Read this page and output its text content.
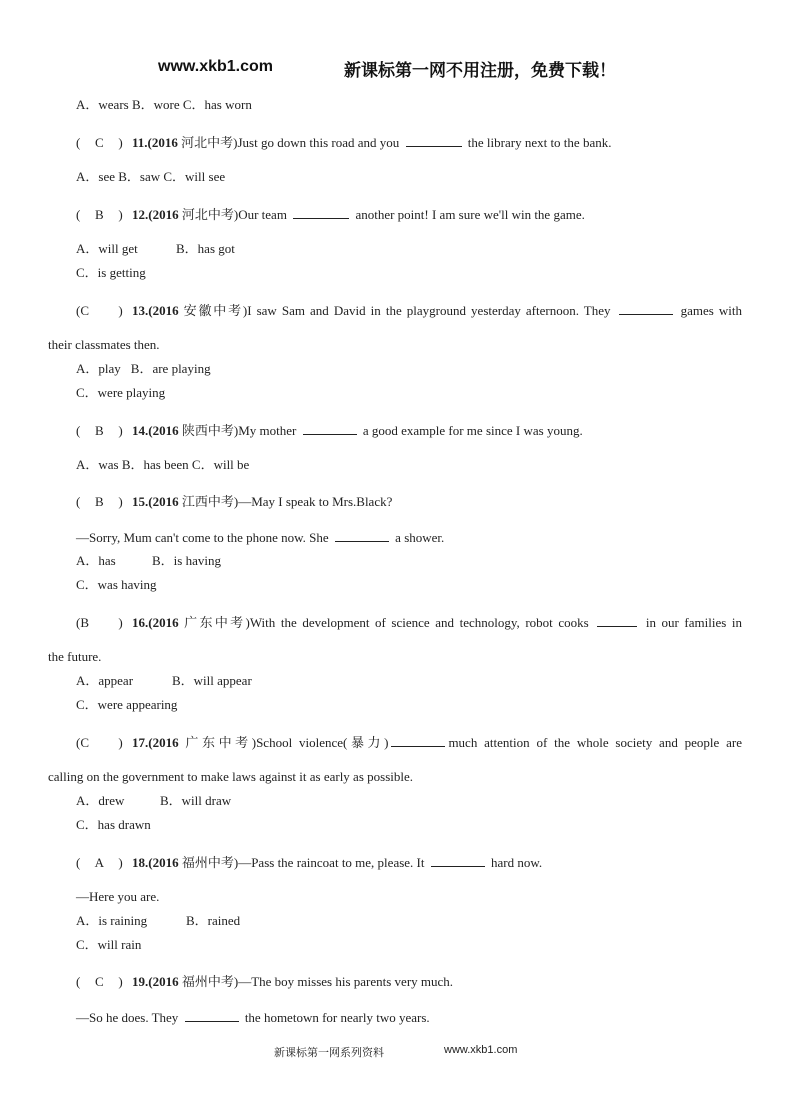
www.xkb1.com	新课标第一网不用注册，免费下载！
A．wears B．wore C．has worn
( C ) 11.(2016 河北中考)Just go down this road and you	the library next to the bank.
A．see B．saw C．will see
( B ) 12.(2016 河北中考)Our team	another point! I am sure we'll win the game.
A．will get	B．has got
C．is getting
(C ) 13.(2016 安徽中考)I saw Sam and David in the playground yesterday afternoon. They	games with
their classmates then.
A．play B．are playing
C．were playing
( B ) 14.(2016 陕西中考)My mother	a good example for me since I was young.
A．was B．has been C．will be
( B ) 15.(2016 江西中考)—May I speak to Mrs.Black?
—Sorry, Mum can't come to the phone now. She	a shower.
A．has	B．is having
C．was having
(B ) 16.(2016 广东中考)With the development of science and technology, robot cooks	in our families in
the future.
A．appear	B．will appear
C．were appearing
(C ) 17.(2016 广东中考)School violence(暴力)	much attention of the whole society and people are
calling on the government to make laws against it as early as possible.
A．drew	B．will draw
C．has drawn
( A ) 18.(2016 福州中考)—Pass the raincoat to me, please. It	hard now.
—Here you are.
A．is raining	B．rained
C．will rain
( C ) 19.(2016 福州中考)—The boy misses his parents very much.
—So he does. They	the hometown for nearly two years.
新课标第一网系列资料	www.xkb1.com
